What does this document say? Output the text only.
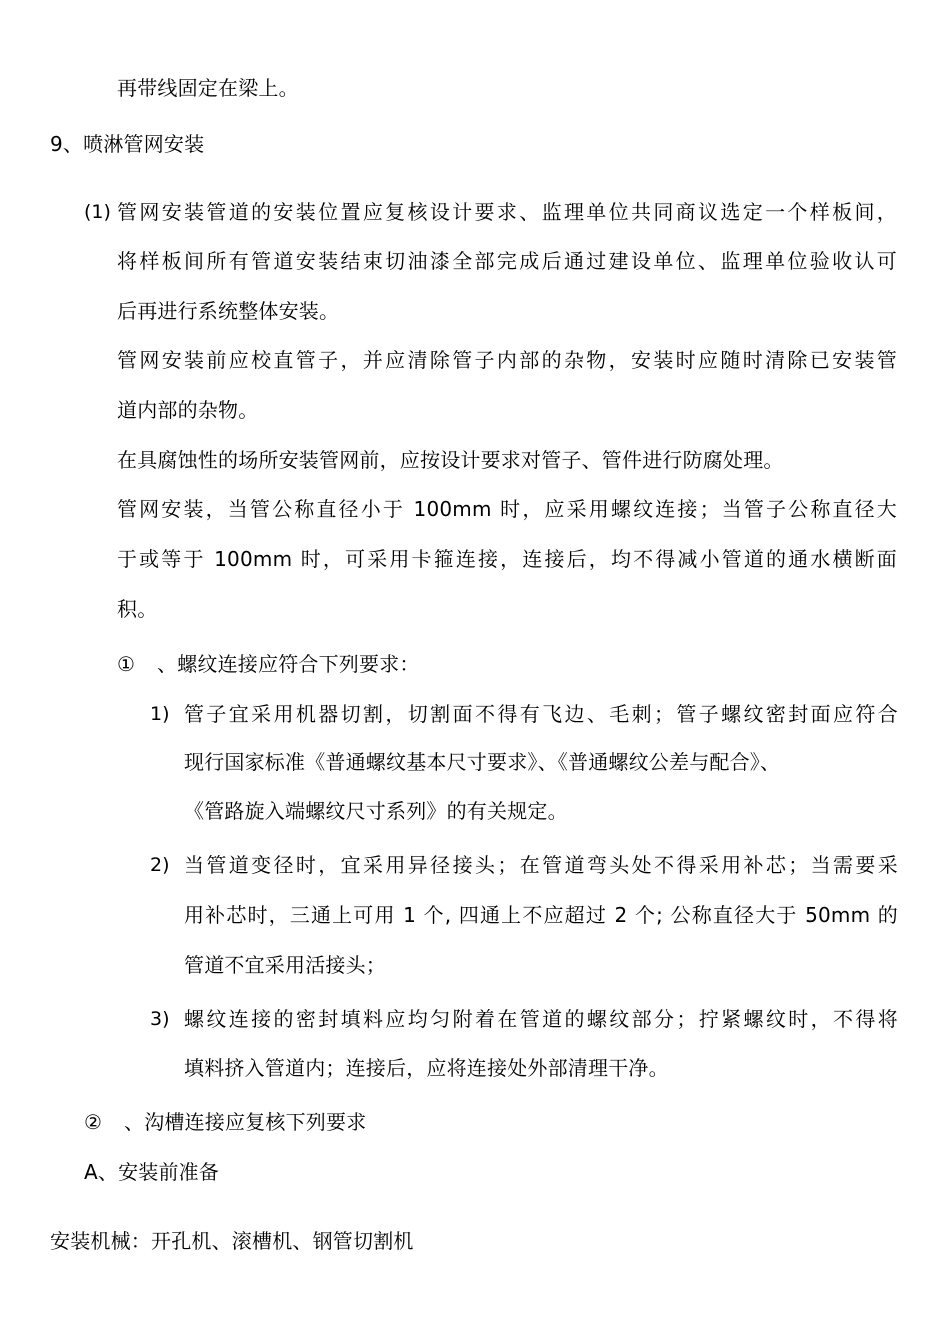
再带线固定在梁上。
9、喷淋管网安装
(1) 管网安装管道的安装位置应复核设计要求、监理单位共同商议选定一个样板间，
将样板间所有管道安装结束切油漆全部完成后通过建设单位、监理单位验收认可
后再进行系统整体安装。
管网安装前应校直管子，并应清除管子内部的杂物，安装时应随时清除已安装管
道内部的杂物。
在具腐蚀性的场所安装管网前，应按设计要求对管子、管件进行防腐处理。
管网安装，当管公称直径小于 100mm 时，应采用螺纹连接；当管子公称直径大
于或等于 100mm 时，可采用卡箍连接，连接后，均不得减小管道的通水横断面
积。
① 、螺纹连接应符合下列要求：
1) 管子宜采用机器切割，切割面不得有飞边、毛刺；管子螺纹密封面应符合
现行国家标准《普通螺纹基本尺寸要求》、《普通螺纹公差与配合》、
《管路旋入端螺纹尺寸系列》的有关规定。
2) 当管道变径时，宜采用异径接头；在管道弯头处不得采用补芯；当需要采
用补芯时，三通上可用 1 个, 四通上不应超过 2 个; 公称直径大于 50mm 的
管道不宜采用活接头；
3) 螺纹连接的密封填料应均匀附着在管道的螺纹部分；拧紧螺纹时，不得将
填料挤入管道内；连接后，应将连接处外部清理干净。
② 、沟槽连接应复核下列要求
A、安装前准备
安装机械：开孔机、滚槽机、钢管切割机
